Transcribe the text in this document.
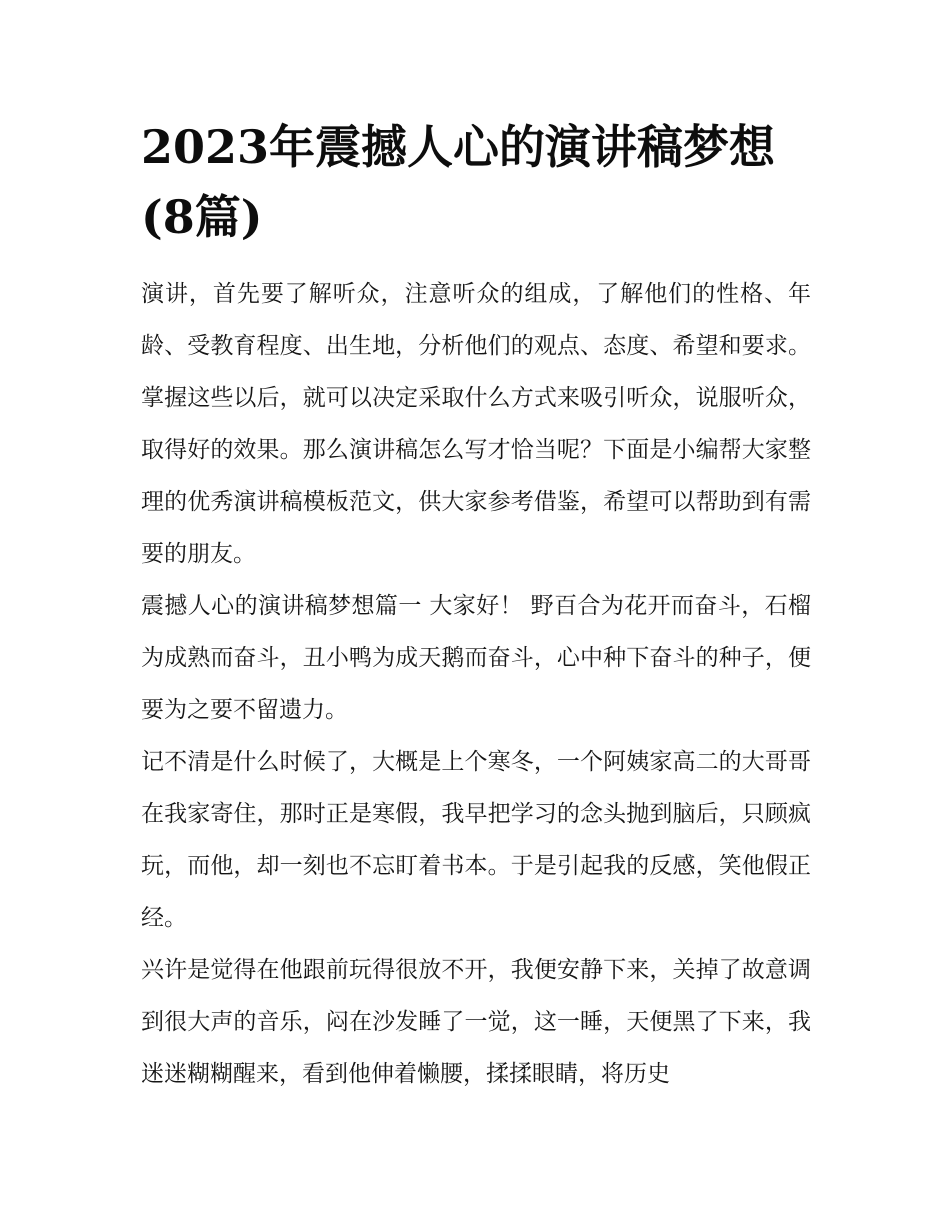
2023年震撼人心的演讲稿梦想(8篇)

演讲，首先要了解听众，注意听众的组成，了解他们的性格、年龄、受教育程度、出生地，分析他们的观点、态度、希望和要求。掌握这些以后，就可以决定采取什么方式来吸引听众，说服听众，取得好的效果。那么演讲稿怎么写才恰当呢？下面是小编帮大家整理的优秀演讲稿模板范文，供大家参考借鉴，希望可以帮助到有需要的朋友。

震撼人心的演讲稿梦想篇一 大家好！ 野百合为花开而奋斗，石榴为成熟而奋斗，丑小鸭为成天鹅而奋斗，心中种下奋斗的种子，便要为之要不留遗力。

记不清是什么时候了，大概是上个寒冬，一个阿姨家高二的大哥哥在我家寄住，那时正是寒假，我早把学习的念头抛到脑后，只顾疯玩，而他，却一刻也不忘盯着书本。于是引起我的反感，笑他假正经。

兴许是觉得在他跟前玩得很放不开，我便安静下来，关掉了故意调到很大声的音乐，闷在沙发睡了一觉，这一睡，天便黑了下来，我迷迷糊糊醒来，看到他伸着懒腰，揉揉眼睛，将历史
